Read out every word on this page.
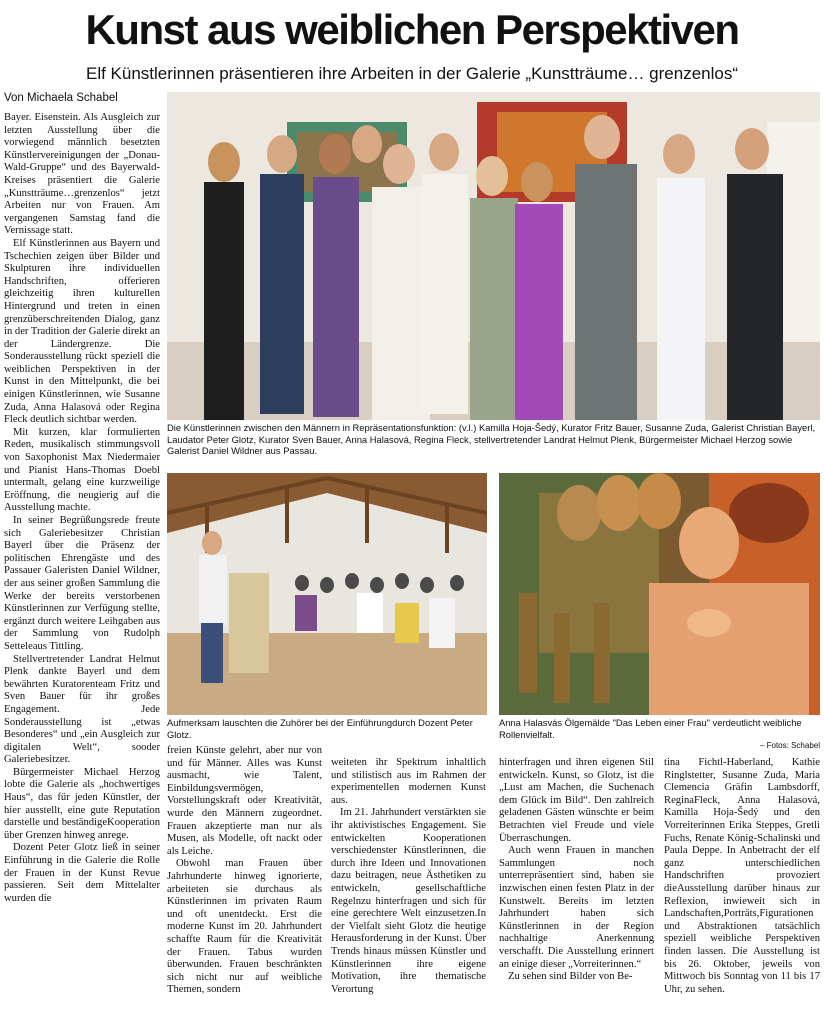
Kunst aus weiblichen Perspektiven
Elf Künstlerinnen präsentieren ihre Arbeiten in der Galerie „Kunstträume… grenzenlos“
Von Michaela Schabel

Bayer. Eisenstein. Als Ausgleich zur letzten Ausstellung über die vorwiegend männlich besetzten Künstlervereinigungen der „Donau-Wald-Gruppe“ und des Bayerwald-Kreises präsentiert die Galerie „Kunstträume…grenzenlos“ jetzt Arbeiten nur von Frauen. Am vergangenen Samstag fand die Vernissage statt.

Elf Künstlerinnen aus Bayern und Tschechien zeigen über Bilder und Skulpturen ihre individuellen Handschriften, offerieren gleichzeitig ihren kulturellen Hintergrund und treten in einen grenzüberschreitenden Dialog, ganz in der Tradition der Galerie direkt an der Ländergrenze. Die Sonderausstellung rückt speziell die weiblichen Perspektiven in der Kunst in den Mittelpunkt, die bei einigen Künstlerinnen, wie Susanne Zuda, Anna Halasová oder Regina Fleck deutlich sichtbar werden.

Mit kurzen, klar formulierten Reden, musikalisch stimmungsvoll von Saxophonist Max Niedermaier und Pianist Hans-Thomas Doebl untermalt, gelang eine kurzweilige Eröffnung, die neugierig auf die Ausstellung machte.

In seiner Begrüßungsrede freute sich Galeriebesitzer Christian Bayerl über die Präsenz der politischen Ehrengäste und des Passauer Galeristen Daniel Wildner, der aus seiner großen Sammlung die Werke der bereits verstorbenen Künstlerinnen zur Verfügung stellte, ergänzt durch weitere Leihgaben aus der Sammlung von Rudolph Setteleaus Tittling.

Stellvertretender Landrat Helmut Plenk dankte Bayerl und dem bewährten Kuratorenteam Fritz und Sven Bauer für ihr großes Engagement. Jede Sonderausstellung ist „etwas Besonderes“ und „ein Ausgleich zur digitalen Welt“, sooder Galeriebesitzer.

Bürgermeister Michael Herzog lobte die Galerie als „hochwertiges Haus“, das für jeden Künstler, der hier ausstellt, eine gute Reputation darstelle und beständigeKooperation über Grenzen hinweg anrege.

Dozent Peter Glotz ließ in seiner Einführung in die Galerie die Rolle der Frauen in der Kunst Revue passieren. Seit dem Mittelalter wurden die

Die Künstlerinnen zwischen den Männern in Repräsentationsfunktion: (v.l.) Kamilla Hoja-Šedý, Kurator Fritz Bauer, Susanne Zuda, Galerist Christian Bayerl, Laudator Peter Glotz, Kurator Sven Bauer, Anna Halasová, Regina Fleck, stellvertretender Landrat Helmut Plenk, Bürgermeister Michael Herzog sowie Galerist Daniel Wildner aus Passau.
Aufmerksam lauschten die Zuhörer bei der Einführungdurch Dozent Peter Glotz.
Anna Halasvás Ölgemälde "Das Leben einer Frau" verdeutlicht weibliche Rollenvielfalt.
– Fotos: Schabel

freien Künste gelehrt, aber nur von und für Männer. Alles was Kunst ausmacht, wie Talent, Einbildungsvermögen, Vorstellungskraft oder Kreativität, wurde den Männern zugeordnet. Frauen akzeptierte man nur als Musen, als Modelle, oft nackt oder als Leiche.

Obwohl man Frauen über Jahrhunderte hinweg ignorierte, arbeiteten sie durchaus als Künstlerinnen im privaten Raum und oft unentdeckt. Erst die moderne Kunst im 20. Jahrhundert schaffte Raum für die Kreativität der Frauen. Tabus wurden überwunden. Frauen beschränkten sich nicht nur auf weibliche Themen, sondern

weiteten ihr Spektrum inhaltlich und stilistisch aus im Rahmen der experimentellen modernen Kunst aus.

Im 21. Jahrhundert verstärkten sie ihr aktivistisches Engagement. Sie entwickelten Kooperationen verschiedenster Künstlerinnen, die durch ihre Ideen und Innovationen dazu beitragen, neue Ästhetiken zu entwickeln, gesellschaftliche Regelnzu hinterfragen und sich für eine gerechtere Welt einzusetzen.In der Vielfalt sieht Glotz die heutige Herausforderung in der Kunst. Über Trends hinaus müssen Künstler und Künstlerinnen ihre eigene Motivation, ihre thematische Verortung

hinterfragen und ihren eigenen Stil entwickeln. Kunst, so Glotz, ist die „Lust am Machen, die Suchenach dem Glück im Bild“. Den zahlreich geladenen Gästen wünschte er beim Betrachten viel Freude und viele Überraschungen.

Auch wenn Frauen in manchen Sammlungen noch unterrepräsentiert sind, haben sie inzwischen einen festen Platz in der Kunstwelt. Bereits im letzten Jahrhundert haben sich Künstlerinnen in der Region nachhaltige Anerkennung verschafft. Die Ausstellung erinnert an einige dieser „Vorreiterinnen.“

Zu sehen sind Bilder von Be-

tina Fichtl-Haberland, Kathie Ringlstetter, Susanne Zuda, Maria Clemencia Gräfin Lambsdorff, ReginaFleck, Anna Halasová, Kamilla Hoja-Šedý und den Vorreiterinnen Erika Steppes, Gretli Fuchs, Renate König-Schalinski und Paula Deppe. In Anbetracht der elf ganz unterschiedlichen Handschriften provoziert dieAusstellung darüber hinaus zur Reflexion, inwieweit sich in Landschaften,Porträts,Figurationen und Abstraktionen tatsächlich speziell weibliche Perspektiven finden lassen. Die Ausstellung ist bis 26. Oktober, jeweils von Mittwoch bis Sonntag von 11 bis 17 Uhr, zu sehen.
